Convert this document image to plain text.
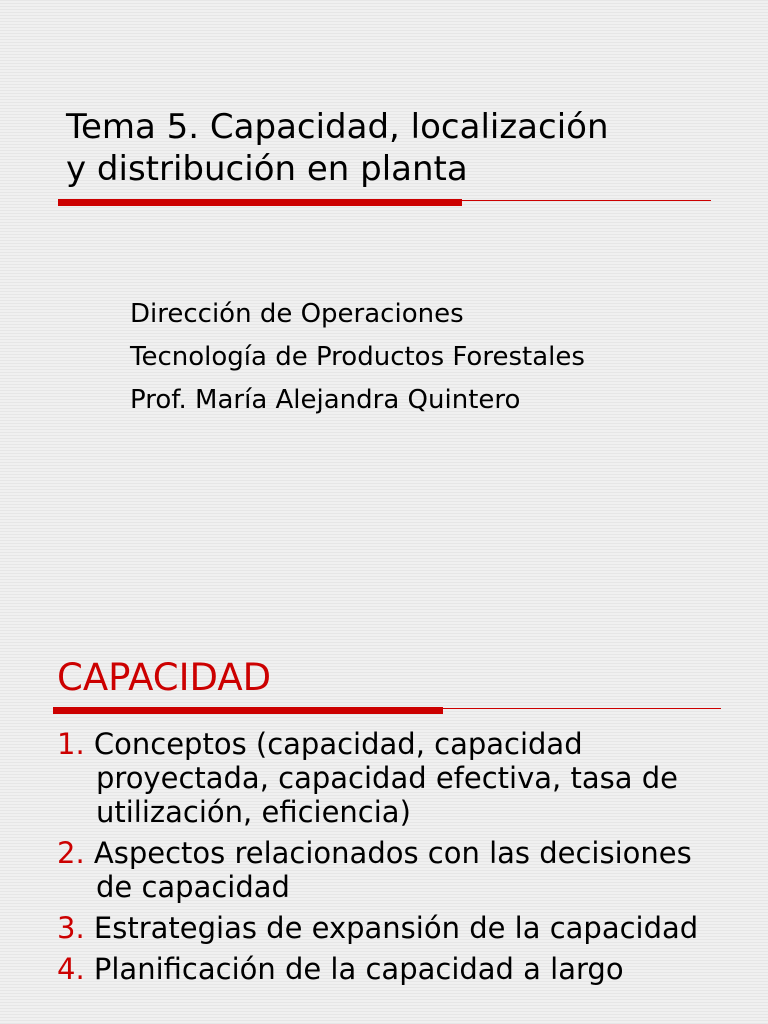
Tema 5. Capacidad, localización
y distribución en planta
Dirección de Operaciones
Tecnología de Productos Forestales
Prof. María Alejandra Quintero
CAPACIDAD
1. Conceptos (capacidad, capacidad proyectada, capacidad efectiva, tasa de utilización, eficiencia)
2. Aspectos relacionados con las decisiones de capacidad
3. Estrategias de expansión de la capacidad
4. Planificación de la capacidad a largo
